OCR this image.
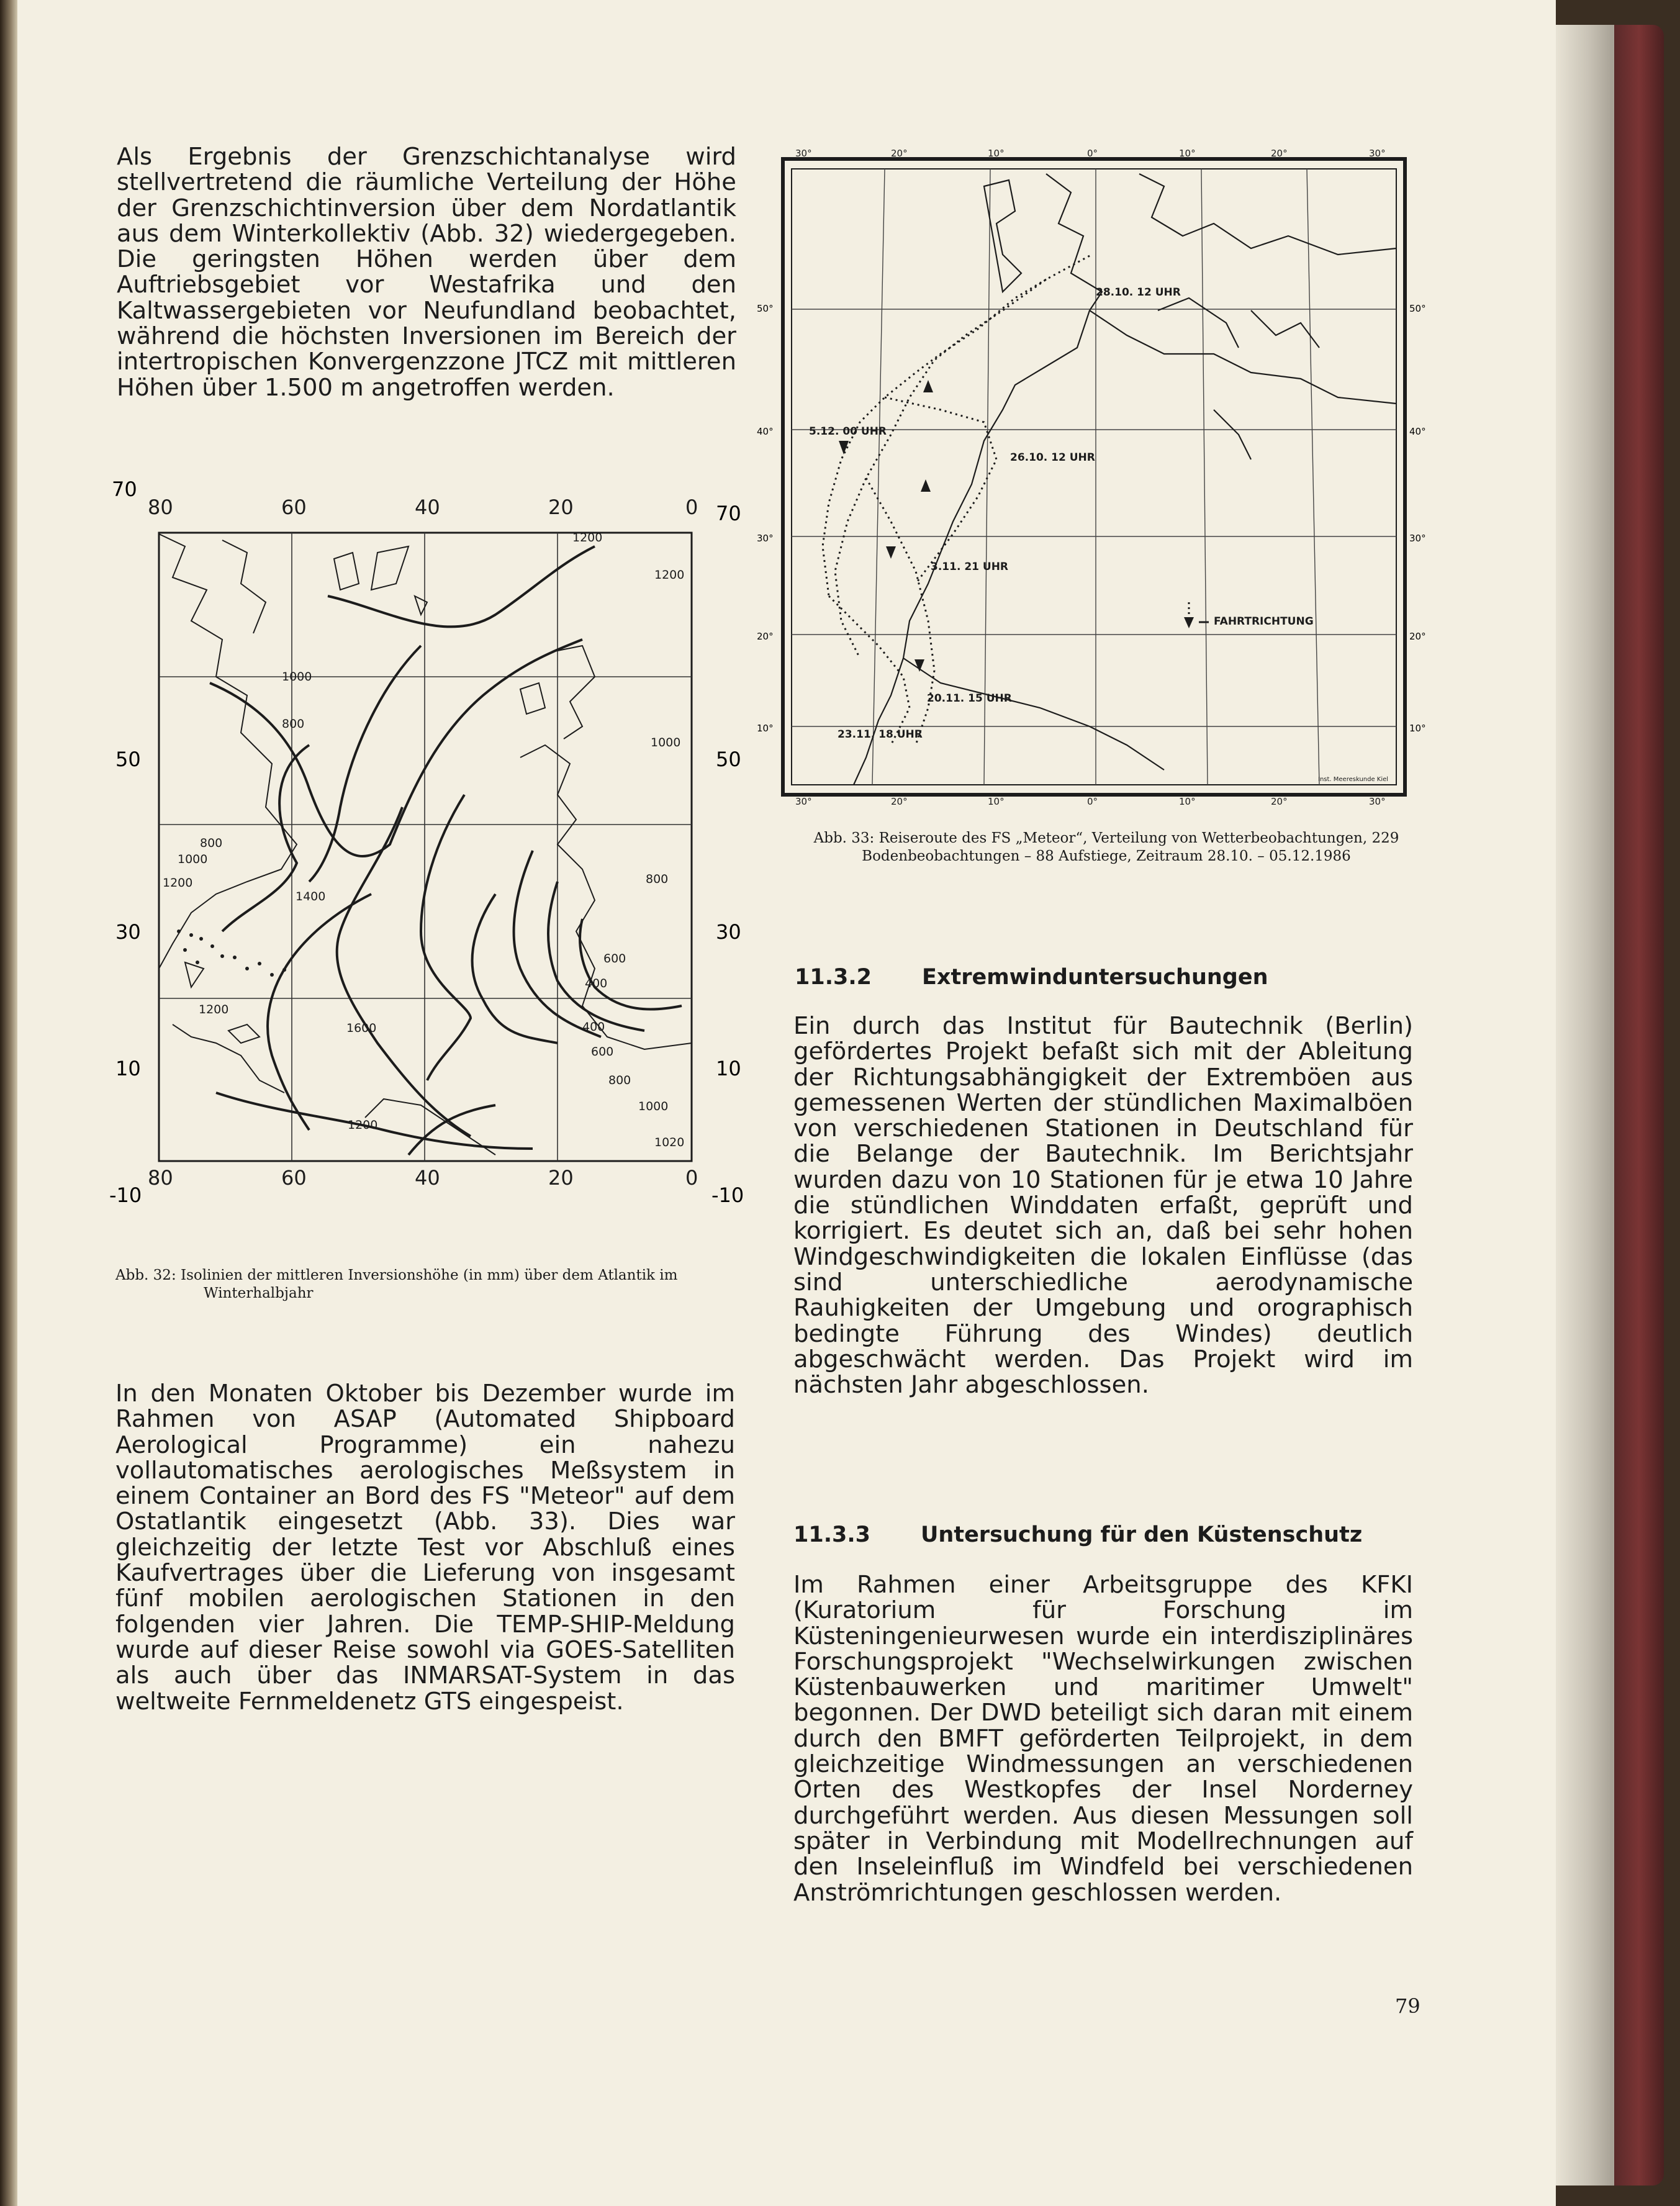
Als Ergebnis der Grenzschichtanalyse wird stellvertretend die räumliche Verteilung der Höhe der Grenzschichtinversion über dem Nordatlantik aus dem Winterkollektiv (Abb. 32) wiedergegeben. Die geringsten Höhen werden über dem Auftriebsgebiet vor Westafrika und den Kaltwassergebieten vor Neufundland beobachtet, während die höchsten Inversionen im Bereich der intertropischen Konvergenzzone JTCZ mit mittleren Höhen über 1.500 m angetroffen werden.

80	60	40	20	0
80	60	40	20	0
1200
1200
1000
800
800
1000
1000
1200
1400
800
600
400
1600
1200
400
600
800
1000
1020
1200
70
50
30
10
-10
70
50
30
10
-10
Abb. 32: Isolinien der mittleren Inversionshöhe (in mm) über dem Atlantik im
Winterhalbjahr

In den Monaten Oktober bis Dezember wurde im Rahmen von ASAP (Automated Shipboard Aerological Programme) ein nahezu vollautomatisches aerologisches Meßsystem in einem Container an Bord des FS "Meteor" auf dem Ostatlantik eingesetzt (Abb. 33). Dies war gleichzeitig der letzte Test vor Abschluß eines Kaufvertrages über die Lieferung von insgesamt fünf mobilen aerologischen Stationen in den folgenden vier Jahren. Die TEMP-SHIP-Meldung wurde auf dieser Reise sowohl via GOES-Satelliten als auch über das INMARSAT-System in das weltweite Fernmeldenetz GTS eingespeist.

28.10. 12 UHR
5.12. 00 UHR
26.10. 12 UHR
3.11. 21 UHR
20.11. 15 UHR
23.11. 18 UHR
FAHRTRICHTUNG
Inst. Meereskunde Kiel
30°	20°	10°	0°	10°	20°	30°
30°	20°	10°	0°	10°	20°	30°
50°
40°
30°
20°
10°
50°
40°
30°
20°
10°
Abb. 33: Reiseroute des FS „Meteor“, Verteilung von Wetterbeobachtungen, 229
Bodenbeobachtungen – 88 Aufstiege, Zeitraum 28.10. – 05.12.1986
11.3.2 Extremwinduntersuchungen

Ein durch das Institut für Bautechnik (Berlin) gefördertes Projekt befaßt sich mit der Ableitung der Richtungsabhängigkeit der Extremböen aus gemessenen Werten der stündlichen Maximalböen von verschiedenen Stationen in Deutschland für die Belange der Bautechnik. Im Berichtsjahr wurden dazu von 10 Stationen für je etwa 10 Jahre die stündlichen Winddaten erfaßt, geprüft und korrigiert. Es deutet sich an, daß bei sehr hohen Windgeschwindigkeiten die lokalen Einflüsse (das sind unterschiedliche aerodynamische Rauhigkeiten der Umgebung und orographisch bedingte Führung des Windes) deutlich abgeschwächt werden. Das Projekt wird im nächsten Jahr abgeschlossen.

11.3.3 Untersuchung für den Küstenschutz

Im Rahmen einer Arbeitsgruppe des KFKI (Kuratorium für Forschung im Küsteningenieurwesen wurde ein interdisziplinäres Forschungsprojekt "Wechselwirkungen zwischen Küstenbauwerken und maritimer Umwelt" begonnen. Der DWD beteiligt sich daran mit einem durch den BMFT geförderten Teilprojekt, in dem gleichzeitige Windmessungen an verschiedenen Orten des Westkopfes der Insel Norderney durchgeführt werden. Aus diesen Messungen soll später in Verbindung mit Modellrechnungen auf den Inseleinfluß im Windfeld bei verschiedenen Anströmrichtungen geschlossen werden.

79
